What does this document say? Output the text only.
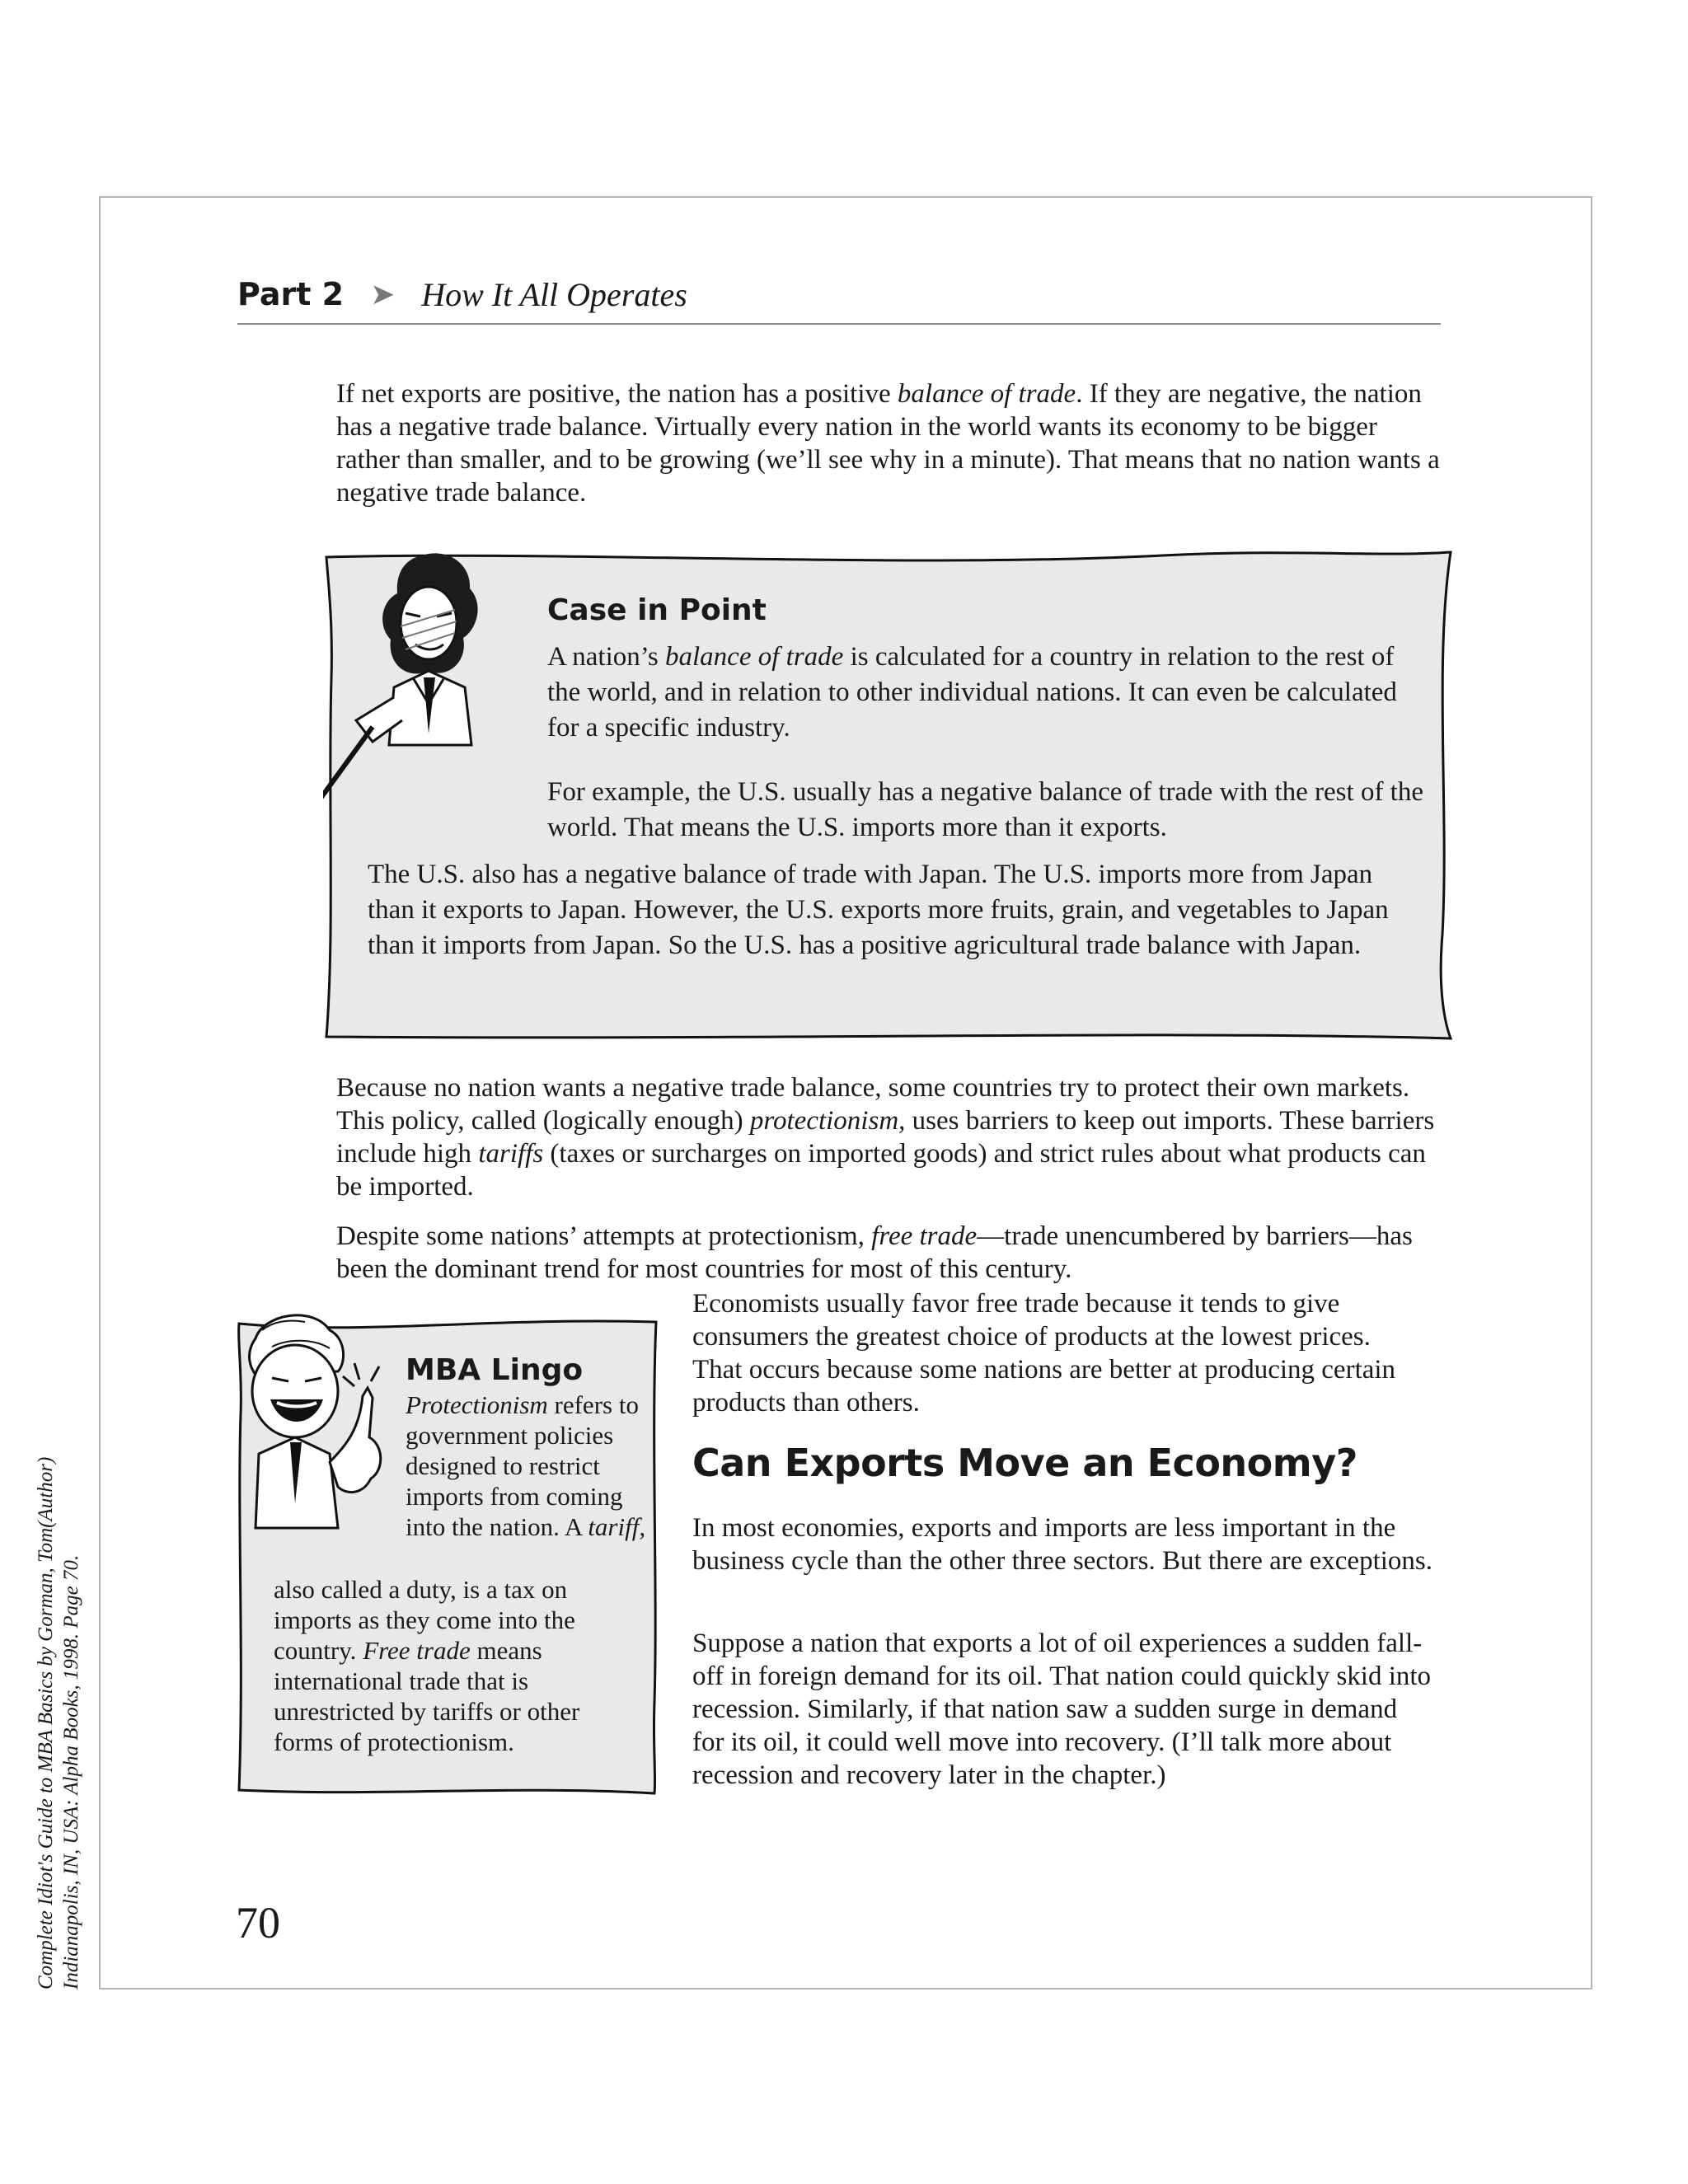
Part 2 ➤ How It All Operates

If net exports are positive, the nation has a positive balance of trade. If they are negative, the nation has a negative trade balance. Virtually every nation in the world wants its economy to be bigger rather than smaller, and to be growing (we’ll see why in a minute). That means that no nation wants a negative trade balance.

Case in Point

A nation’s balance of trade is calculated for a country in relation to the rest of the world, and in relation to other individual nations. It can even be calculated for a specific industry.

For example, the U.S. usually has a negative balance of trade with the rest of the world. That means the U.S. imports more than it exports.

The U.S. also has a negative balance of trade with Japan. The U.S. imports more from Japan than it exports to Japan. However, the U.S. exports more fruits, grain, and vegetables to Japan than it imports from Japan. So the U.S. has a positive agricultural trade balance with Japan.

Because no nation wants a negative trade balance, some countries try to protect their own markets. This policy, called (logically enough) protectionism, uses barriers to keep out imports. These barriers include high tariffs (taxes or surcharges on imported goods) and strict rules about what products can be imported.

Despite some nations’ attempts at protectionism, free trade—trade unencumbered by barriers—has been the dominant trend for most countries for most of this century.

Economists usually favor free trade because it tends to give consumers the greatest choice of products at the lowest prices. That occurs because some nations are better at producing certain products than others.

MBA Lingo

Protectionism refers to government policies designed to restrict imports from coming into the nation. A tariff,

also called a duty, is a tax on imports as they come into the country. Free trade means international trade that is unrestricted by tariffs or other forms of protectionism.

Can Exports Move an Economy?

In most economies, exports and imports are less important in the business cycle than the other three sectors. But there are exceptions.

Suppose a nation that exports a lot of oil experiences a sudden fall-off in foreign demand for its oil. That nation could quickly skid into recession. Similarly, if that nation saw a sudden surge in demand for its oil, it could well move into recovery. (I’ll talk more about recession and recovery later in the chapter.)

70

Complete Idiot's Guide to MBA Basics by Gorman, Tom(Author) Indianapolis, IN, USA: Alpha Books, 1998. Page 70.
